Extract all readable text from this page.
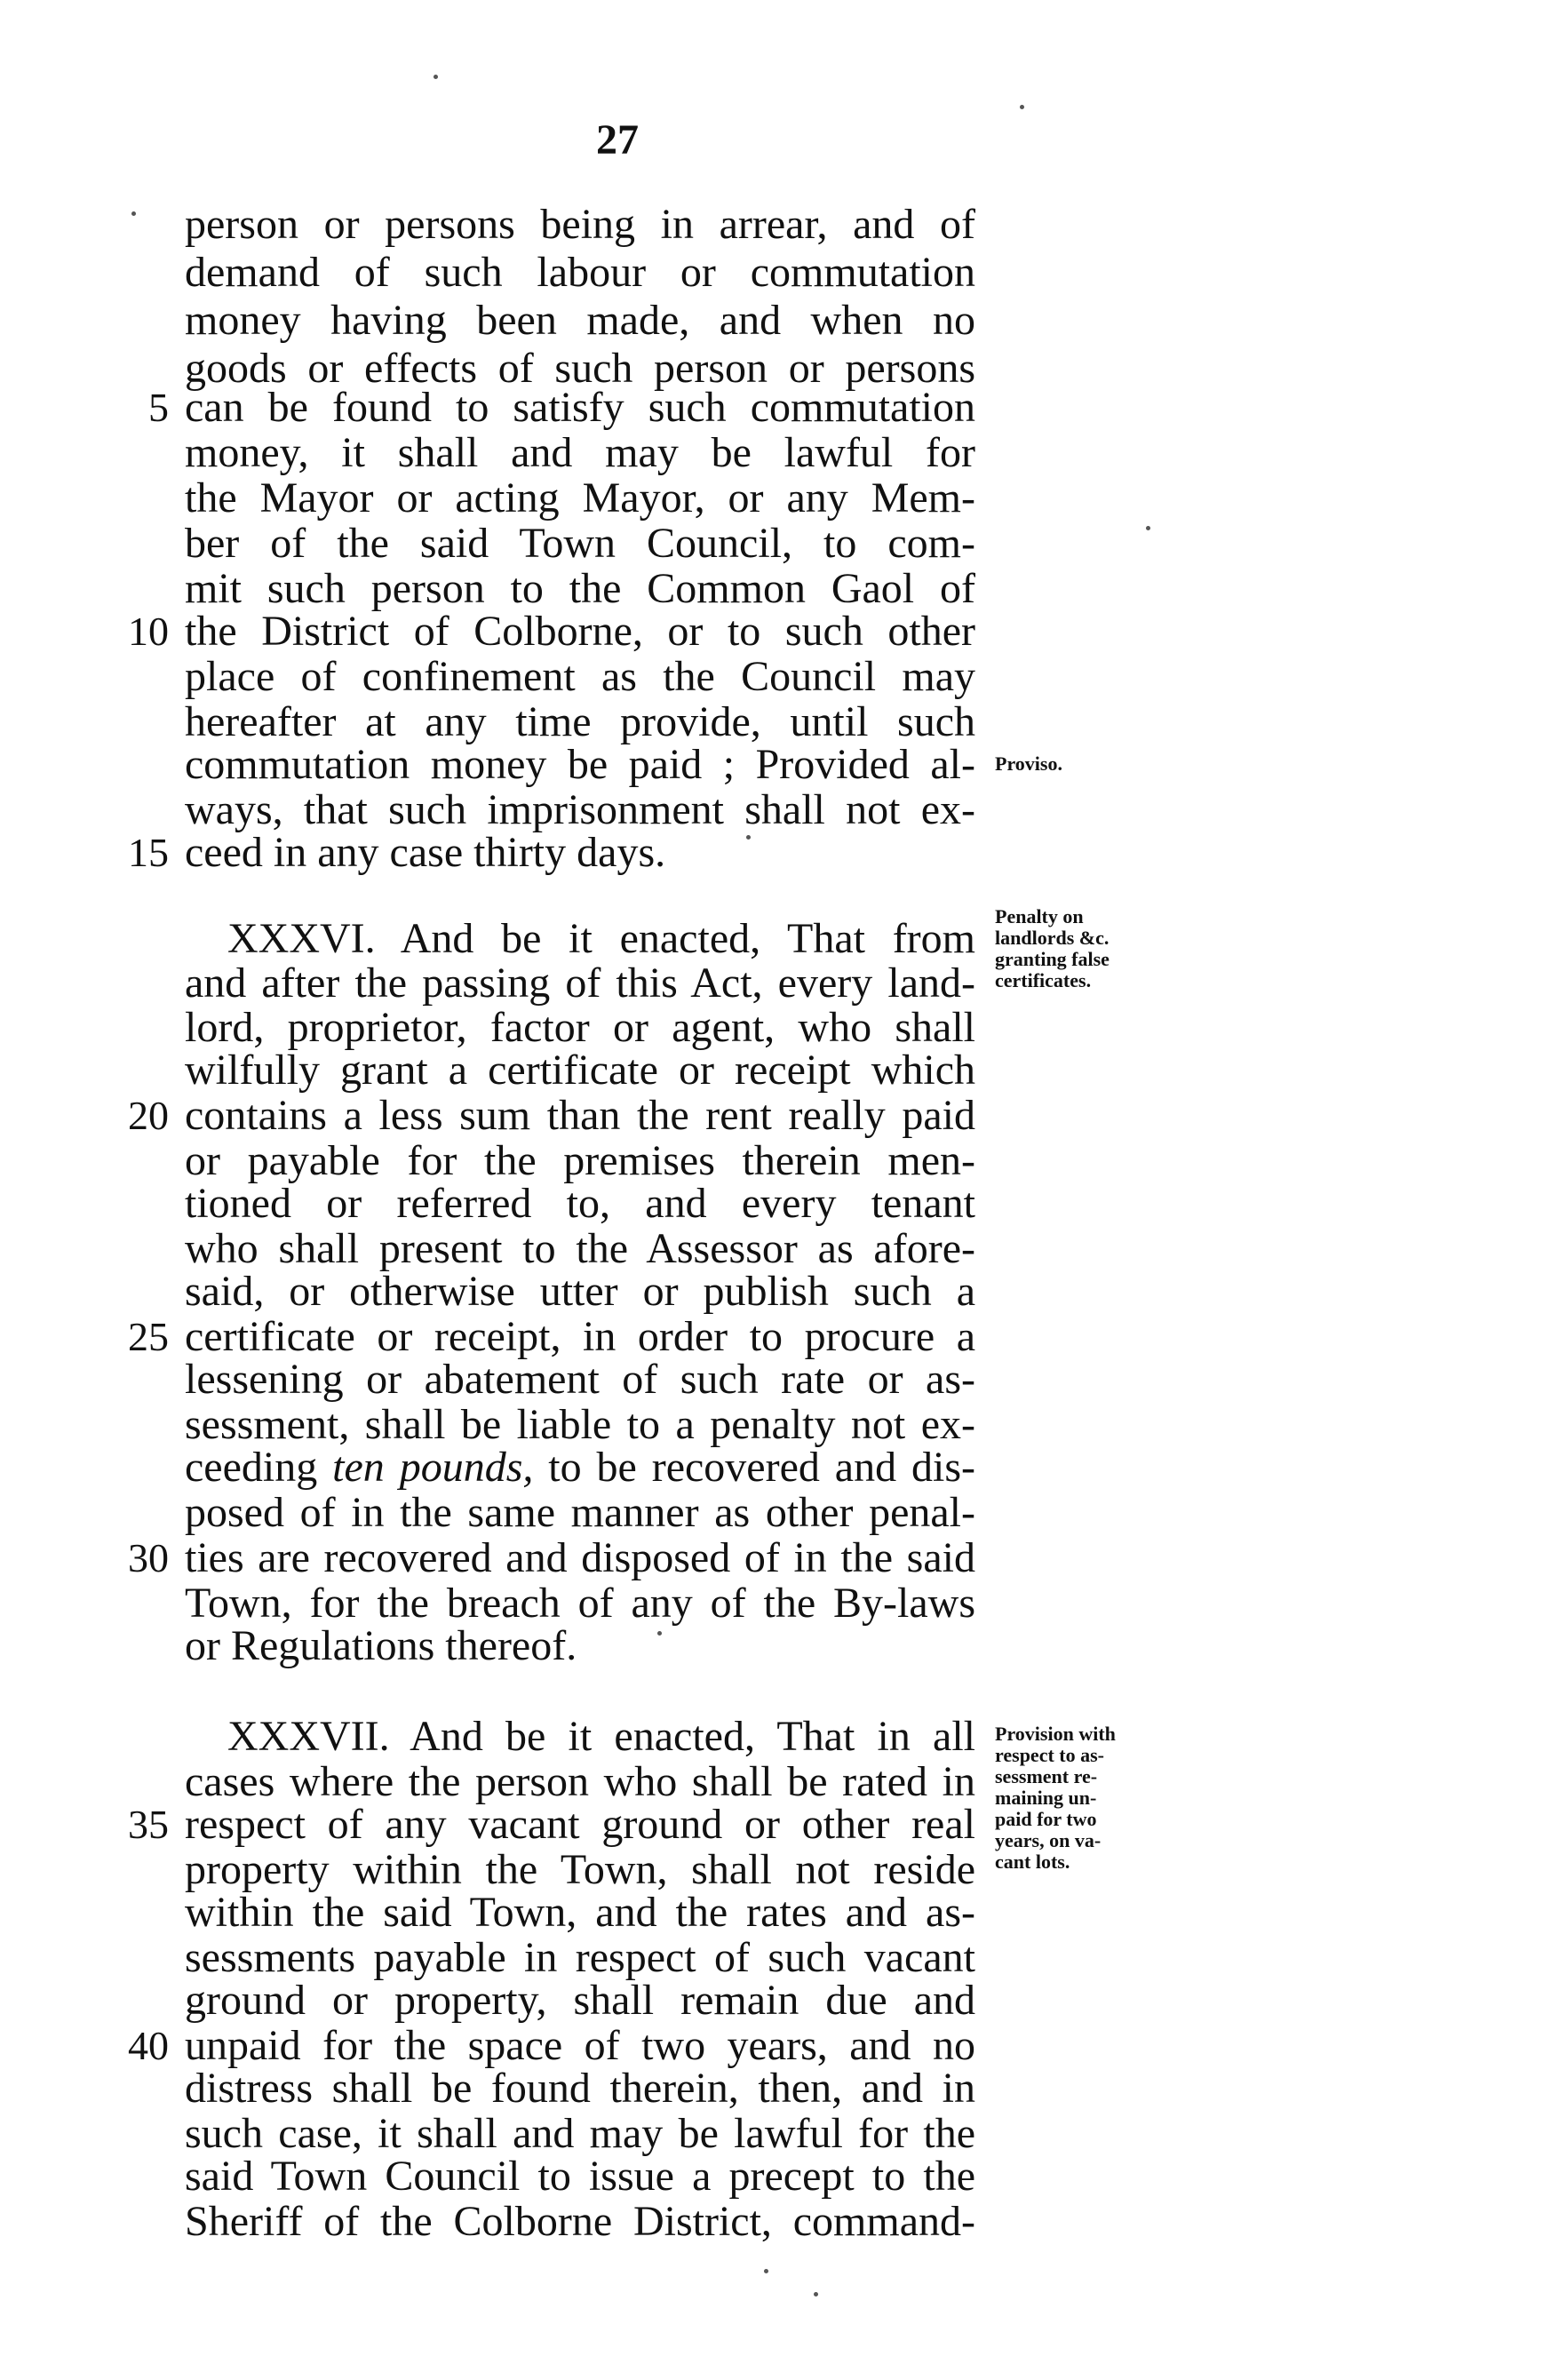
27
person or persons being in arrear, and of
demand of such labour or commutation
money having been made, and when no
goods or effects of such person or persons
can be found to satisfy such commutation
money, it shall and may be lawful for
the Mayor or acting Mayor, or any Mem-
ber of the said Town Council, to com-
mit such person to the Common Gaol of
the District of Colborne, or to such other
place of confinement as the Council may
hereafter at any time provide, until such
commutation money be paid ; Provided al-
ways, that such imprisonment shall not ex-
ceed in any case thirty days.
XXXVI. And be it enacted, That from
and after the passing of this Act, every land-
lord, proprietor, factor or agent, who shall
wilfully grant a certificate or receipt which
contains a less sum than the rent really paid
or payable for the premises therein men-
tioned or referred to, and every tenant
who shall present to the Assessor as afore-
said, or otherwise utter or publish such a
certificate or receipt, in order to procure a
lessening or abatement of such rate or as-
sessment, shall be liable to a penalty not ex-
ceeding ten pounds, to be recovered and dis-
posed of in the same manner as other penal-
ties are recovered and disposed of in the said
Town, for the breach of any of the By-laws
or Regulations thereof.
XXXVII. And be it enacted, That in all
cases where the person who shall be rated in
respect of any vacant ground or other real
property within the Town, shall not reside
within the said Town, and the rates and as-
sessments payable in respect of such vacant
ground or property, shall remain due and
unpaid for the space of two years, and no
distress shall be found therein, then, and in
such case, it shall and may be lawful for the
said Town Council to issue a precept to the
Sheriff of the Colborne District, command-
5
10
15
20
25
30
35
40
Proviso.
Penalty on
landlords &c.
granting false
certificates.
Provision with
respect to as-
sessment re-
maining un-
paid for two
years, on va-
cant lots.
